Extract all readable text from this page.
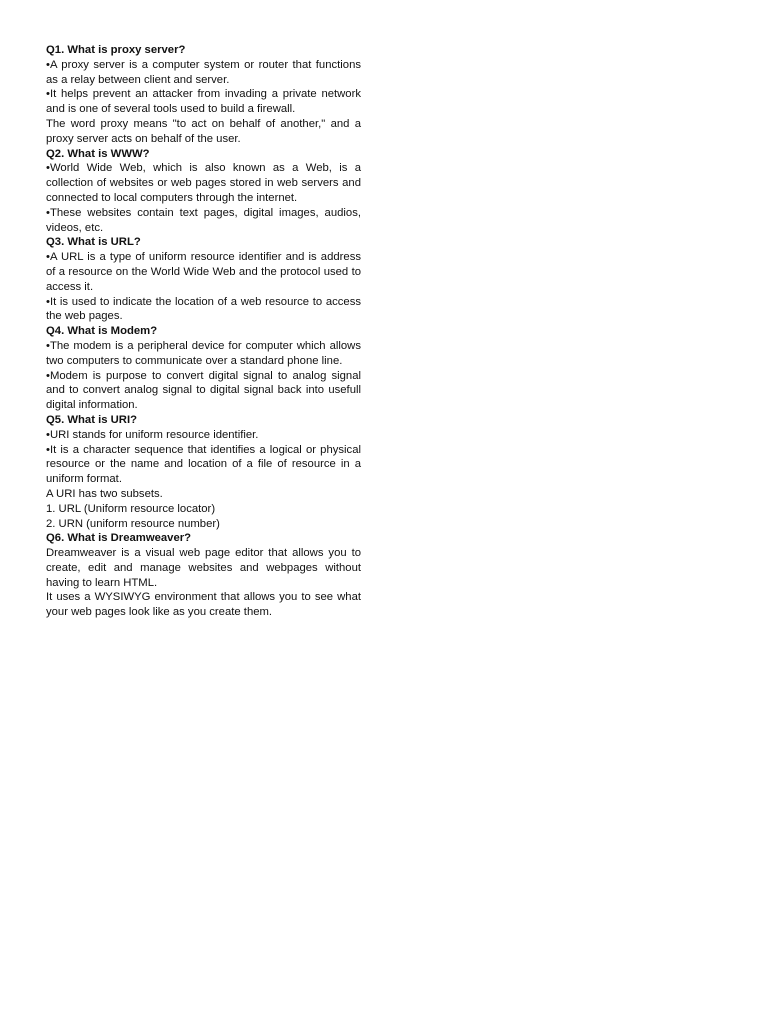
Q1. What is proxy server?

•A proxy server is a computer system or router that functions as a relay between client and server.

•It helps prevent an attacker from invading a private network and is one of several tools used to build a firewall.

The word proxy means "to act on behalf of another," and a proxy server acts on behalf of the user.

Q2. What is WWW?

•World Wide Web, which is also known as a Web, is a collection of websites or web pages stored in web servers and connected to local computers through the internet.

•These websites contain text pages, digital images, audios, videos, etc.

Q3. What is URL?

•A URL is a type of uniform resource identifier and is address of a resource on the World Wide Web and the protocol used to access it.

•It is used to indicate the location of a web resource to access the web pages.

Q4. What is Modem?

•The modem is a peripheral device for computer which allows two computers to communicate over a standard phone line.

•Modem is purpose to convert digital signal to analog signal and to convert analog signal to digital signal back into usefull digital information.

Q5. What is URI?

•URI stands for uniform resource identifier.

•It is a character sequence that identifies a logical or physical resource or the name and location of a file of resource in a uniform format.

A URI has two subsets.

1. URL (Uniform resource locator)

2. URN (uniform resource number)

Q6. What is Dreamweaver?

Dreamweaver is a visual web page editor that allows you to create, edit and manage websites and webpages without having to learn HTML.

It uses a WYSIWYG environment that allows you to see what your web pages look like as you create them.
